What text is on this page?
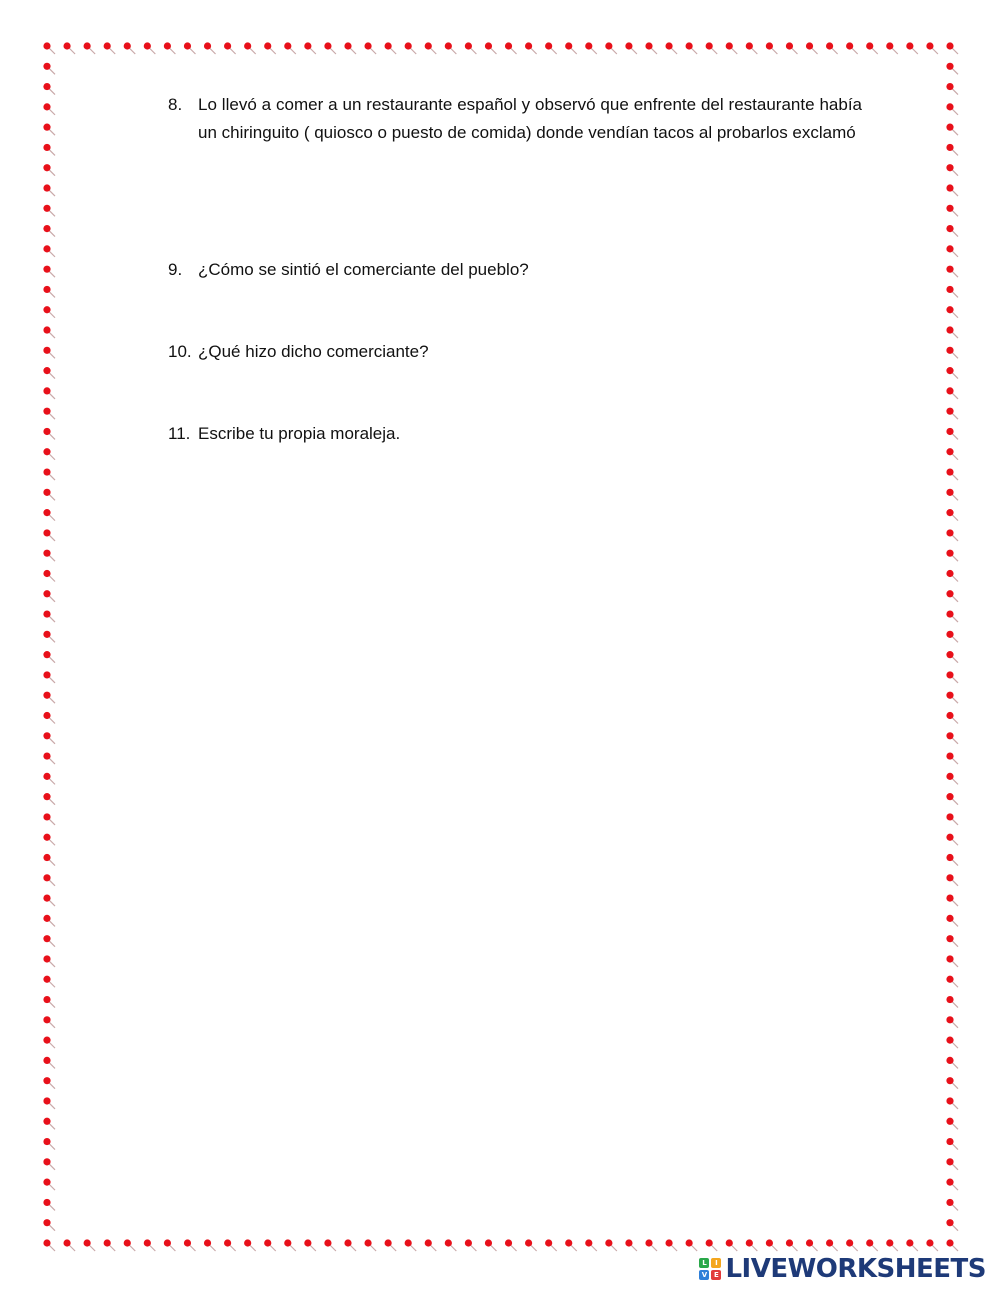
8. Lo llevó a comer a un restaurante español y observó que enfrente del restaurante había un chiringuito ( quiosco o puesto de comida) donde vendían tacos al probarlos exclamó
9. ¿Cómo se sintió el comerciante del pueblo?
10. ¿Qué hizo dicho comerciante?
11. Escribe tu propia moraleja.
L	I
V E LIVEWORKSHEETS
